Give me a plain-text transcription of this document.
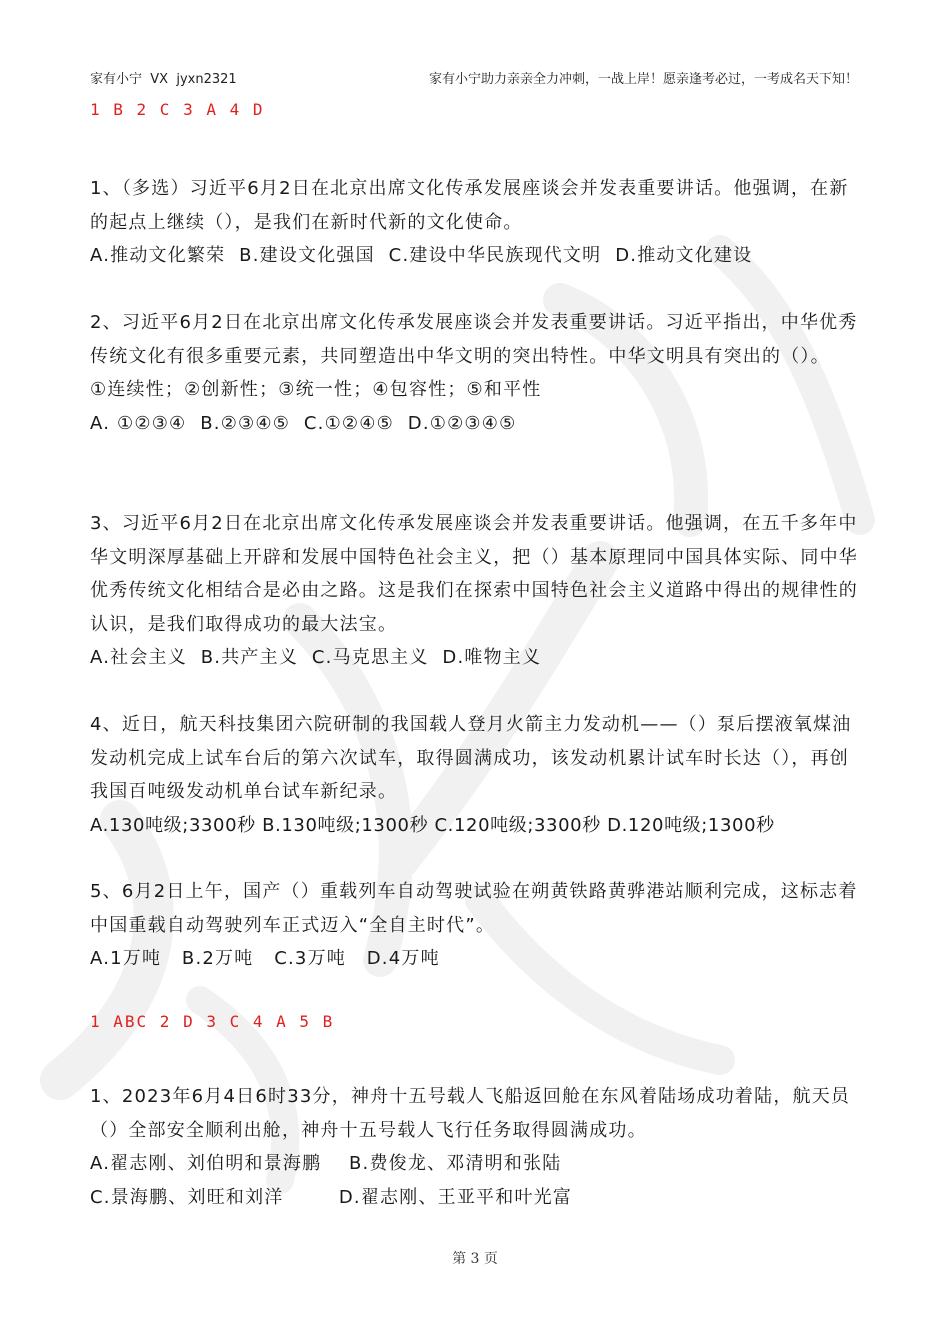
家有小宁  VX  jyxn2321	家有小宁助力亲亲全力冲刺，一战上岸！愿亲逢考必过，一考成名天下知！
1 B 2 C 3 A 4 D

1、（多选）习近平6月2日在北京出席文化传承发展座谈会并发表重要讲话。他强调，在新的起点上继续（），是我们在新时代新的文化使命。

A.推动文化繁荣  B.建设文化强国  C.建设中华民族现代文明  D.推动文化建设

2、习近平6月2日在北京出席文化传承发展座谈会并发表重要讲话。习近平指出，中华优秀传统文化有很多重要元素，共同塑造出中华文明的突出特性。中华文明具有突出的（）。

①连续性；②创新性；③统一性；④包容性；⑤和平性

A. ①②③④  B.②③④⑤  C.①②④⑤  D.①②③④⑤

3、习近平6月2日在北京出席文化传承发展座谈会并发表重要讲话。他强调，在五千多年中华文明深厚基础上开辟和发展中国特色社会主义，把（）基本原理同中国具体实际、同中华优秀传统文化相结合是必由之路。这是我们在探索中国特色社会主义道路中得出的规律性的认识，是我们取得成功的最大法宝。

A.社会主义  B.共产主义  C.马克思主义  D.唯物主义

4、近日，航天科技集团六院研制的我国载人登月火箭主力发动机——（）泵后摆液氧煤油发动机完成上试车台后的第六次试车，取得圆满成功，该发动机累计试车时长达（），再创我国百吨级发动机单台试车新纪录。

A.130吨级;3300秒 B.130吨级;1300秒 C.120吨级;3300秒 D.120吨级;1300秒

5、6月2日上午，国产（）重载列车自动驾驶试验在朔黄铁路黄骅港站顺利完成，这标志着中国重载自动驾驶列车正式迈入“全自主时代”。

A.1万吨   B.2万吨   C.3万吨   D.4万吨

1 ABC 2 D 3 C 4 A 5 B

1、2023年6月4日6时33分，神舟十五号载人飞船返回舱在东风着陆场成功着陆，航天员（）全部安全顺利出舱，神舟十五号载人飞行任务取得圆满成功。

A.翟志刚、刘伯明和景海鹏    B.费俊龙、邓清明和张陆
C.景海鹏、刘旺和刘洋        D.翟志刚、王亚平和叶光富

第 3 页
